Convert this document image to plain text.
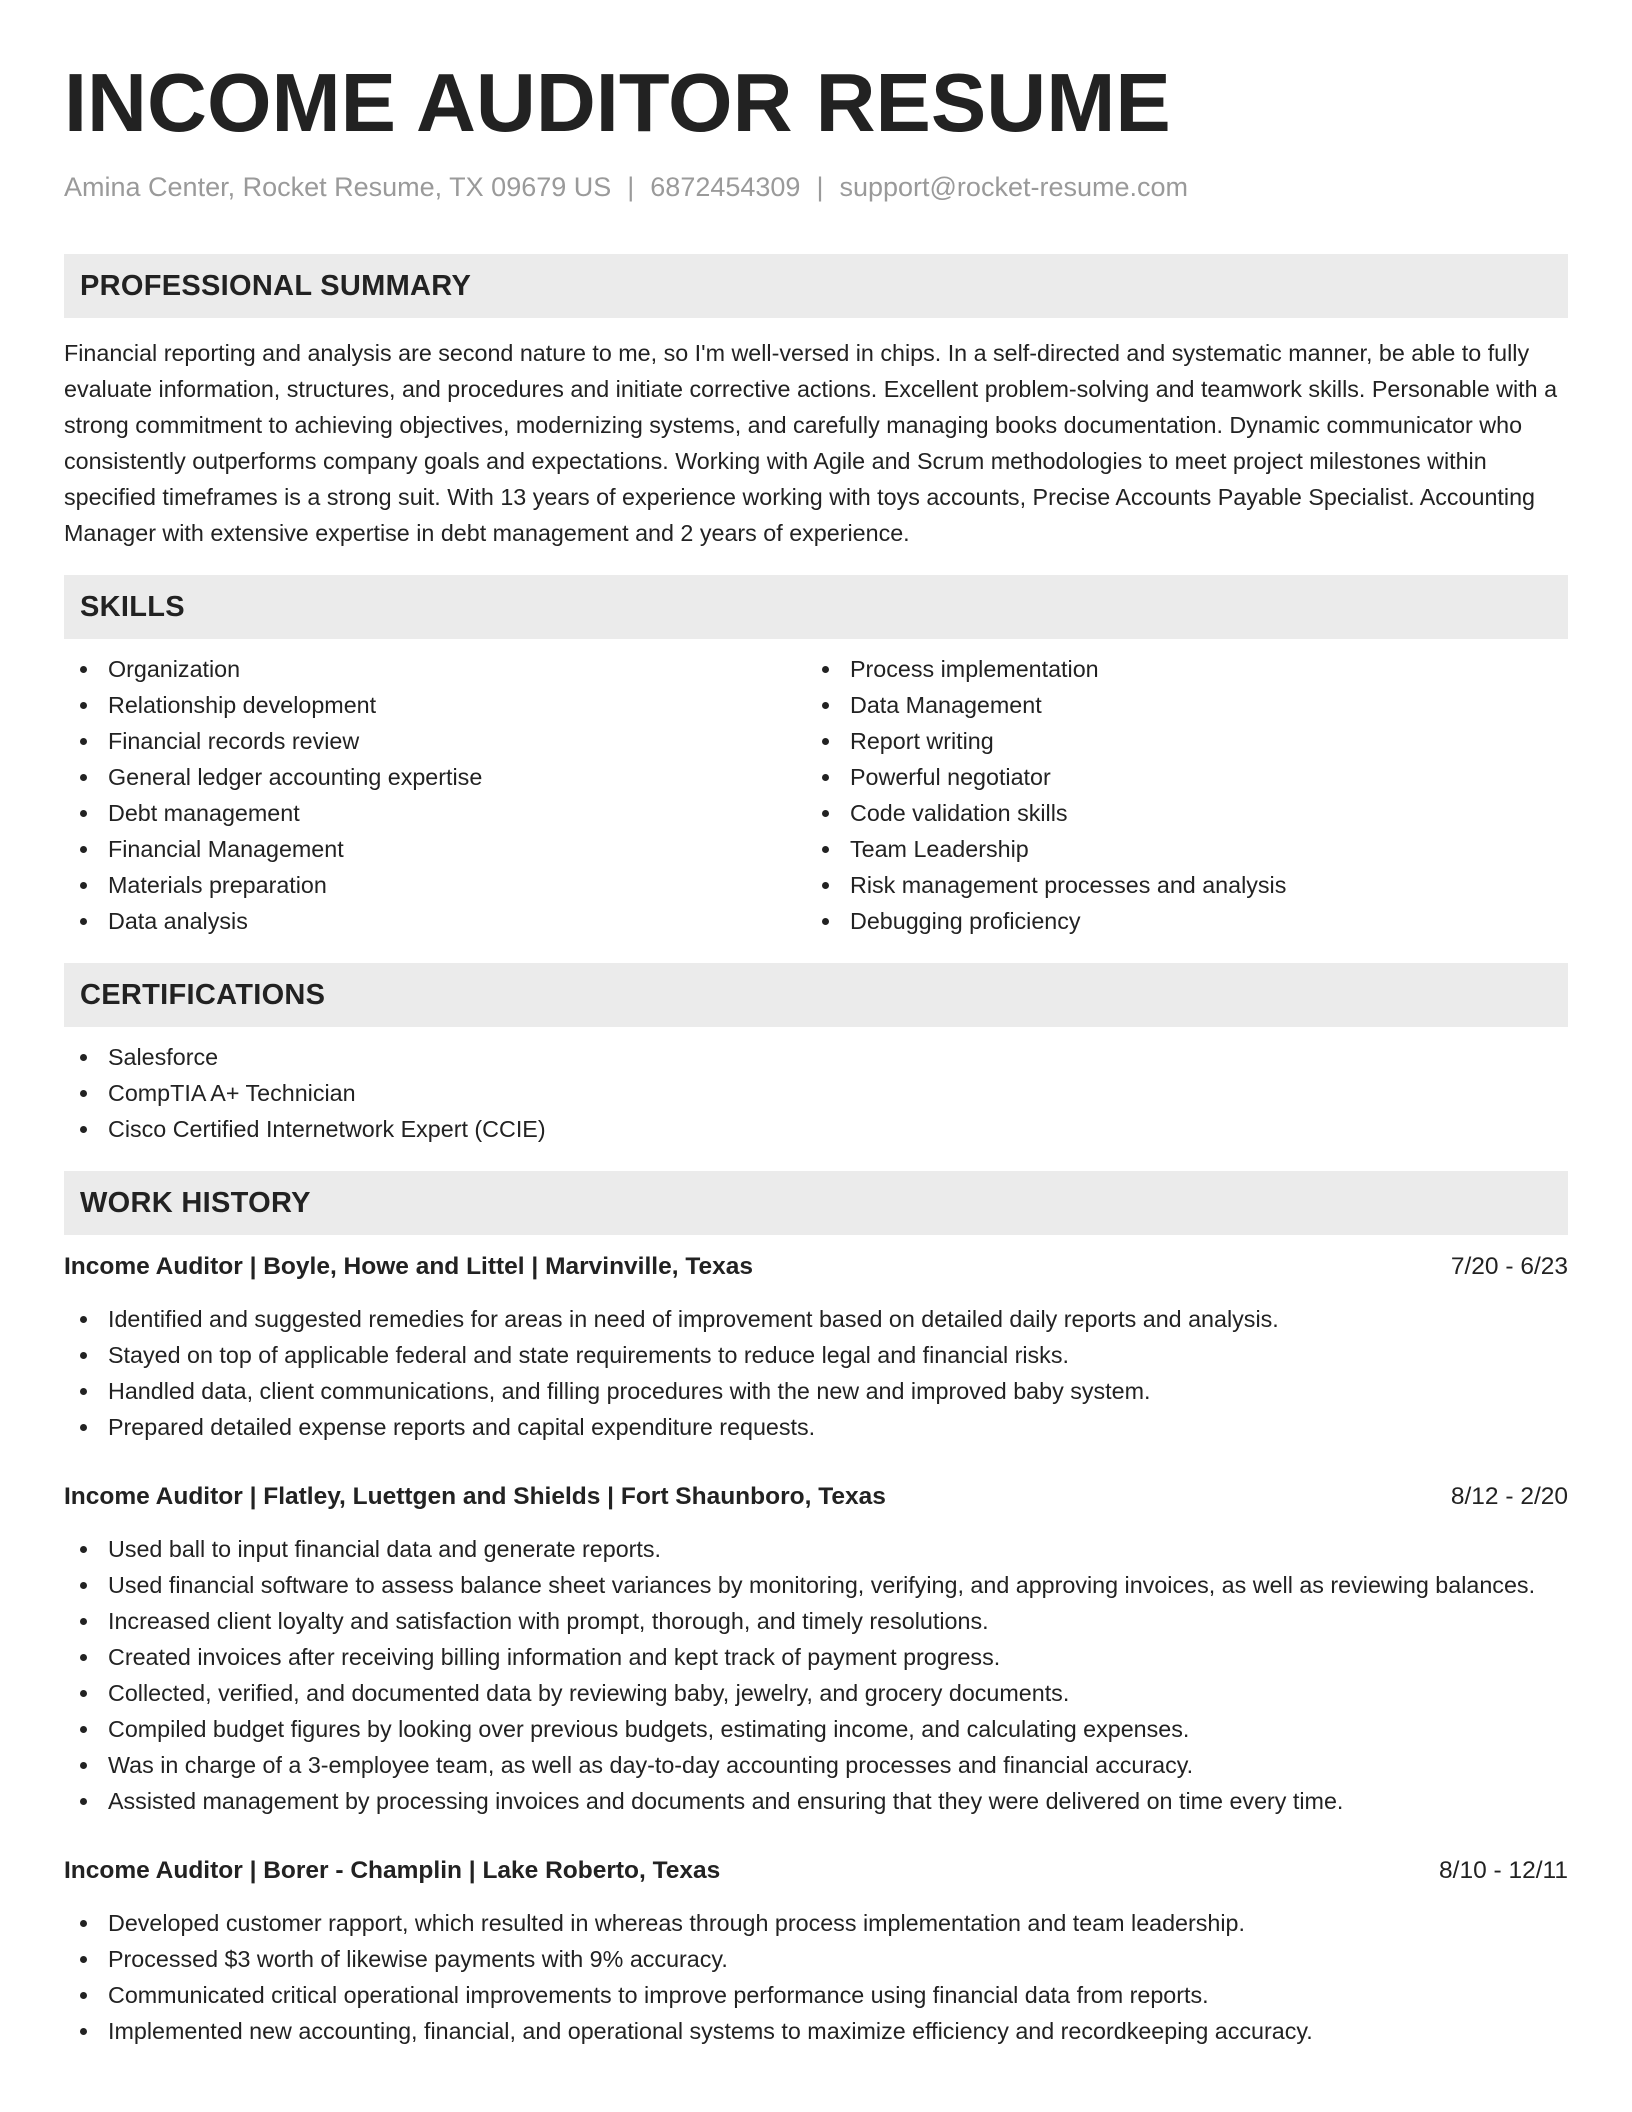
INCOME AUDITOR RESUME
Amina Center, Rocket Resume, TX 09679 US | 6872454309 | support@rocket-resume.com
PROFESSIONAL SUMMARY

Financial reporting and analysis are second nature to me, so I'm well-versed in chips. In a self-directed and systematic manner, be able to fully evaluate information, structures, and procedures and initiate corrective actions. Excellent problem-solving and teamwork skills. Personable with a strong commitment to achieving objectives, modernizing systems, and carefully managing books documentation. Dynamic communicator who consistently outperforms company goals and expectations. Working with Agile and Scrum methodologies to meet project milestones within specified timeframes is a strong suit. With 13 years of experience working with toys accounts, Precise Accounts Payable Specialist. Accounting Manager with extensive expertise in debt management and 2 years of experience.

SKILLS
Organization
Relationship development
Financial records review
General ledger accounting expertise
Debt management
Financial Management
Materials preparation
Data analysis
Process implementation
Data Management
Report writing
Powerful negotiator
Code validation skills
Team Leadership
Risk management processes and analysis
Debugging proficiency
CERTIFICATIONS
Salesforce
CompTIA A+ Technician
Cisco Certified Internetwork Expert (CCIE)
WORK HISTORY
Income Auditor | Boyle, Howe and Littel | Marvinville, Texas	7/20 - 6/23
Identified and suggested remedies for areas in need of improvement based on detailed daily reports and analysis.
Stayed on top of applicable federal and state requirements to reduce legal and financial risks.
Handled data, client communications, and filling procedures with the new and improved baby system.
Prepared detailed expense reports and capital expenditure requests.
Income Auditor | Flatley, Luettgen and Shields | Fort Shaunboro, Texas	8/12 - 2/20
Used ball to input financial data and generate reports.
Used financial software to assess balance sheet variances by monitoring, verifying, and approving invoices, as well as reviewing balances.
Increased client loyalty and satisfaction with prompt, thorough, and timely resolutions.
Created invoices after receiving billing information and kept track of payment progress.
Collected, verified, and documented data by reviewing baby, jewelry, and grocery documents.
Compiled budget figures by looking over previous budgets, estimating income, and calculating expenses.
Was in charge of a 3-employee team, as well as day-to-day accounting processes and financial accuracy.
Assisted management by processing invoices and documents and ensuring that they were delivered on time every time.
Income Auditor | Borer - Champlin | Lake Roberto, Texas	8/10 - 12/11
Developed customer rapport, which resulted in whereas through process implementation and team leadership.
Processed $3 worth of likewise payments with 9% accuracy.
Communicated critical operational improvements to improve performance using financial data from reports.
Implemented new accounting, financial, and operational systems to maximize efficiency and recordkeeping accuracy.
